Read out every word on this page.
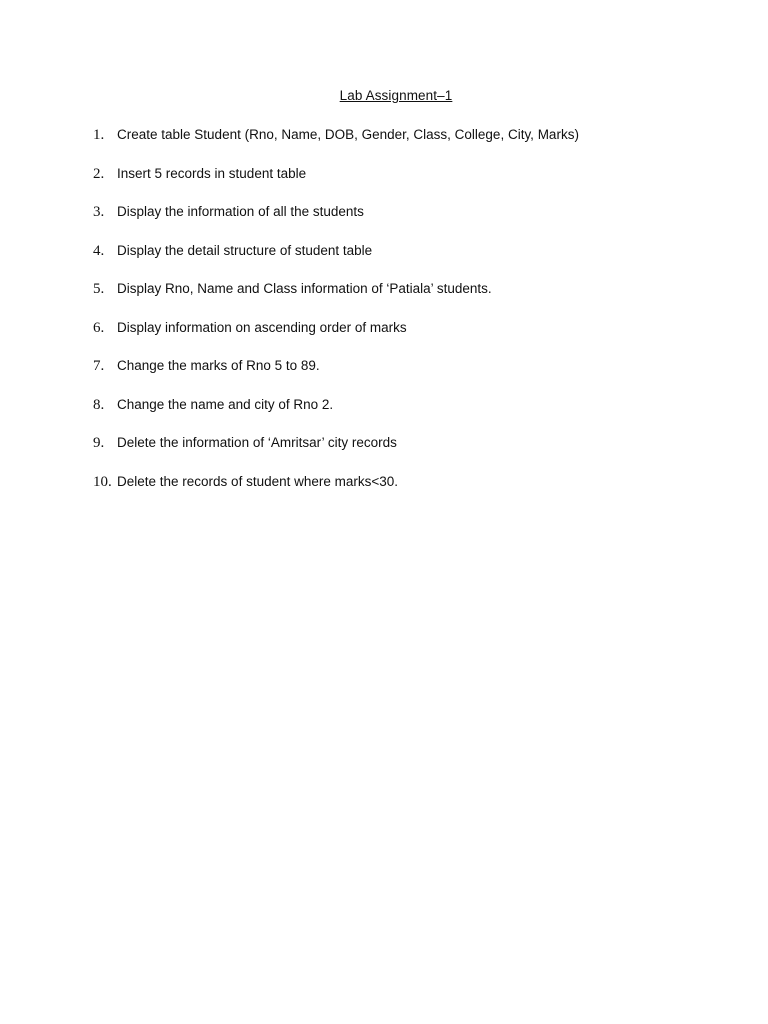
Lab Assignment–1
1. Create table Student (Rno, Name, DOB, Gender, Class, College, City, Marks)
2. Insert 5 records in student table
3. Display the information of all the students
4. Display the detail structure of student table
5. Display Rno, Name and Class information of ‘Patiala’ students.
6. Display information on ascending order of marks
7. Change the marks of Rno 5 to 89.
8. Change the name and city of Rno 2.
9. Delete the information of ‘Amritsar’ city records
10. Delete the records of student where marks<30.
